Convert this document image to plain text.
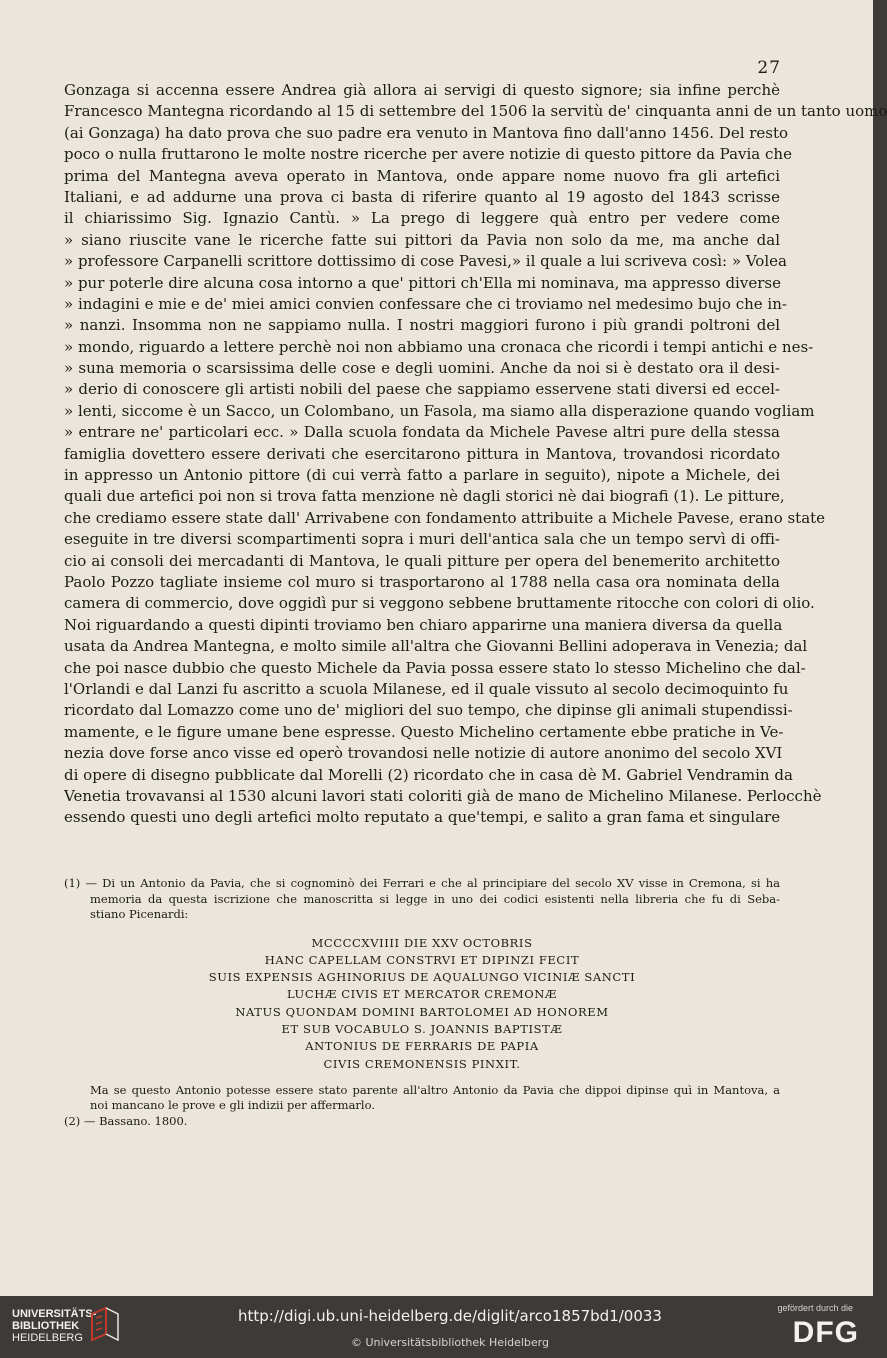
27
Gonzaga si accenna essere Andrea già allora ai servigi di questo signore; sia infine perchè
Francesco Mantegna ricordando al 15 di settembre del 1506 la servitù de' cinquanta anni de un tanto uomo
(ai Gonzaga) ha dato prova che suo padre era venuto in Mantova fino dall'anno 1456. Del resto
poco o nulla fruttarono le molte nostre ricerche per avere notizie di questo pittore da Pavia che
prima del Mantegna aveva operato in Mantova, onde appare nome nuovo fra gli artefici
Italiani, e ad addurne una prova ci basta di riferire quanto al 19 agosto del 1843 scrisse
il chiarissimo Sig. Ignazio Cantù. » La prego di leggere quà entro per vedere come
» siano riuscite vane le ricerche fatte sui pittori da Pavia non solo da me, ma anche dal
» professore Carpanelli scrittore dottissimo di cose Pavesi,» il quale a lui scriveva così: » Volea
» pur poterle dire alcuna cosa intorno a que' pittori ch'Ella mi nominava, ma appresso diverse
» indagini e mie e de' miei amici convien confessare che ci troviamo nel medesimo bujo che in-
» nanzi. Insomma non ne sappiamo nulla. I nostri maggiori furono i più grandi poltroni del
» mondo, riguardo a lettere perchè noi non abbiamo una cronaca che ricordi i tempi antichi e nes-
» suna memoria o scarsissima delle cose e degli uomini. Anche da noi si è destato ora il desi-
» derio di conoscere gli artisti nobili del paese che sappiamo esservene stati diversi ed eccel-
» lenti, siccome è un Sacco, un Colombano, un Fasola, ma siamo alla disperazione quando vogliam
» entrare ne' particolari ecc. » Dalla scuola fondata da Michele Pavese altri pure della stessa
famiglia dovettero essere derivati che esercitarono pittura in Mantova, trovandosi ricordato
in appresso un Antonio pittore (di cui verrà fatto a parlare in seguito), nipote a Michele, dei
quali due artefici poi non si trova fatta menzione nè dagli storici nè dai biografi (1). Le pitture,
che crediamo essere state dall' Arrivabene con fondamento attribuite a Michele Pavese, erano state
eseguite in tre diversi scompartimenti sopra i muri dell'antica sala che un tempo servì di offi-
cio ai consoli dei mercadanti di Mantova, le quali pitture per opera del benemerito architetto
Paolo Pozzo tagliate insieme col muro si trasportarono al 1788 nella casa ora nominata della
camera di commercio, dove oggidì pur si veggono sebbene bruttamente ritocche con colori di olio.
Noi riguardando a questi dipinti troviamo ben chiaro apparirne una maniera diversa da quella
usata da Andrea Mantegna, e molto simile all'altra che Giovanni Bellini adoperava in Venezia; dal
che poi nasce dubbio che questo Michele da Pavia possa essere stato lo stesso Michelino che dal-
l'Orlandi e dal Lanzi fu ascritto a scuola Milanese, ed il quale vissuto al secolo decimoquinto fu
ricordato dal Lomazzo come uno de' migliori del suo tempo, che dipinse gli animali stupendissi-
mamente, e le figure umane bene espresse. Questo Michelino certamente ebbe pratiche in Ve-
nezia dove forse anco visse ed operò trovandosi nelle notizie di autore anonimo del secolo XVI
di opere di disegno pubblicate dal Morelli (2) ricordato che in casa dè M. Gabriel Vendramin da
Venetia trovavansi al 1530 alcuni lavori stati coloriti già de mano de Michelino Milanese. Perlocchè
essendo questi uno degli artefici molto reputato a que'tempi, e salito a gran fama et singulare
(1) — Di un Antonio da Pavia, che si cognominò dei Ferrari e che al principiare del secolo XV visse in Cremona, si ha
memoria da questa iscrizione che manoscritta si legge in uno dei codici esistenti nella libreria che fu di Seba-
stiano Picenardi:
MCCCCXVIIII DIE XXV OCTOBRIS
HANC CAPELLAM CONSTRVI ET DIPINZI FECIT
SUIS EXPENSIS AGHINORIUS DE AQUALUNGO VICINIÆ SANCTI
LUCHÆ CIVIS ET MERCATOR CREMONÆ
NATUS QUONDAM DOMINI BARTOLOMEI AD HONOREM
ET SUB VOCABULO S. JOANNIS BAPTISTÆ
ANTONIUS DE FERRARIS DE PAPIA
CIVIS CREMONENSIS PINXIT.
Ma se questo Antonio potesse essere stato parente all'altro Antonio da Pavia che dippoi dipinse quì in Mantova, a
noi mancano le prove e gli indizii per affermarlo.
(2) — Bassano. 1800.
UNIVERSITÄTS-
BIBLIOTHEK
HEIDELBERG
http://digi.ub.uni-heidelberg.de/diglit/arco1857bd1/0033
© Universitätsbibliothek Heidelberg
gefördert durch die
DFG
